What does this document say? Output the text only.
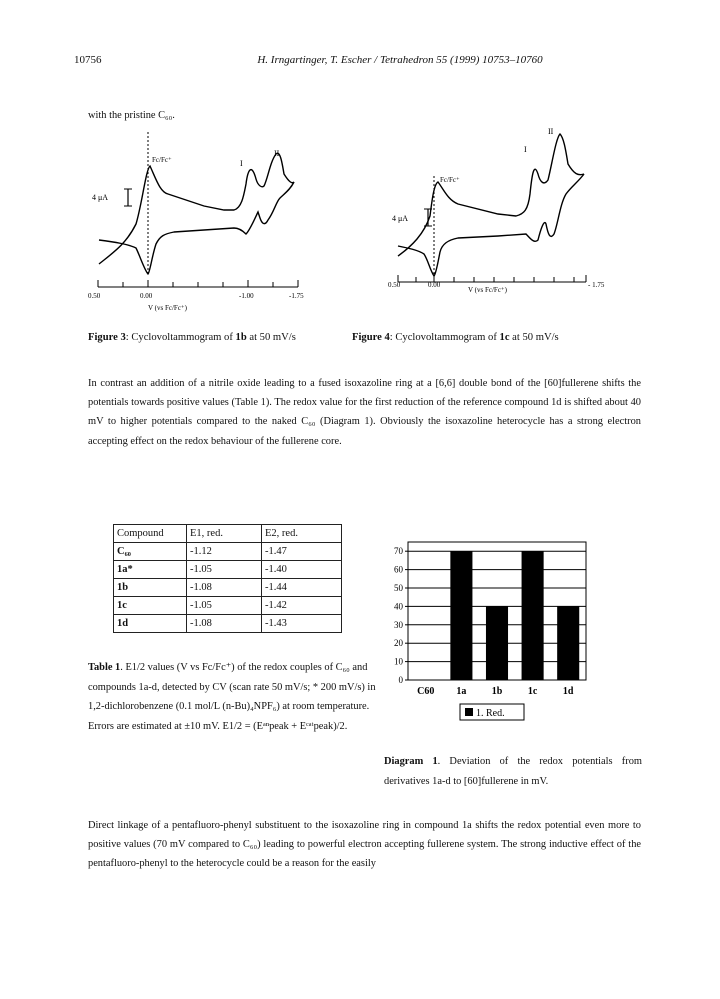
10756	H. Irngartinger, T. Escher / Tetrahedron 55 (1999) 10753–10760
with the pristine C₆₀.
4 μA
Fc/Fc⁺	I
II
0.50	0.00	-1.00	-1.75
V (vs Fc/Fc⁺)
4 μA
Fc/Fc⁺
I
II
0.50	0.00	- 1.75
V (vs Fc/Fc⁺)
Figure 3: Cyclovoltammogram of 1b at 50 mV/s	Figure 4: Cyclovoltammogram of 1c at 50 mV/s
In contrast an addition of a nitrile oxide leading to a fused isoxazoline ring at a [6,6] double bond of the [60]fullerene shifts the potentials towards positive values (Table 1). The redox value for the first reduction of the reference compound 1d is shifted about 40 mV to higher potentials compared to the naked C₆₀ (Diagram 1). Obviously the isoxazoline heterocycle has a strong electron accepting effect on the redox behaviour of the fullerene core.
Compound	E1, red.	E2, red.
C₆₀	-1.12	-1.47
1a*	-1.05	-1.40
1b	-1.08	-1.44
1c	-1.05	-1.42
1d	-1.08	-1.43
Table 1. E1/2 values (V vs Fc/Fc⁺) of the redox couples of C₆₀ and compounds 1a-d, detected by CV (scan rate 50 mV/s; * 200 mV/s) in 1,2-dichlorobenzene (0.1 mol/L (n-Bu)₄NPF₆) at room temperature. Errors are estimated at ±10 mV. E1/2 = (Eᵃⁿpeak + Eᶜᵃᵗpeak)/2.
0
10
20
30
40
50
60
70
C60 1a	1b	1c	1d
1. Red.
Diagram 1. Deviation of the redox potentials from derivatives 1a-d to [60]fullerene in mV.
Direct linkage of a pentafluoro-phenyl substituent to the isoxazoline ring in compound 1a shifts the redox potential even more to positive values (70 mV compared to C₆₀) leading to powerful electron accepting fullerene system. The strong inductive effect of the pentafluoro-phenyl to the heterocycle could be a reason for the easily
